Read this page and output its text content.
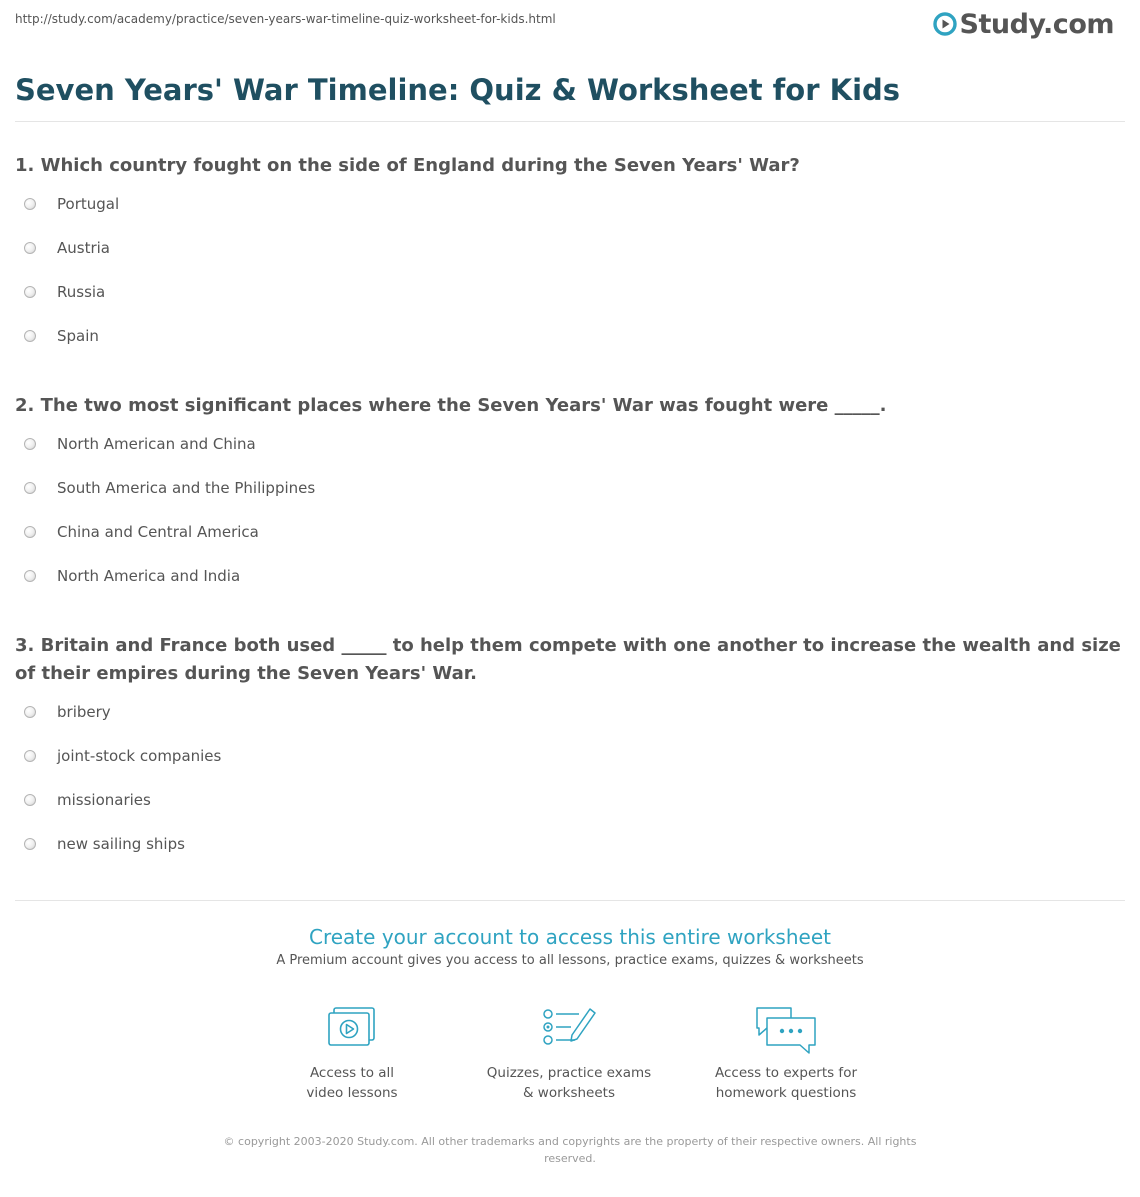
http://study.com/academy/practice/seven-years-war-timeline-quiz-worksheet-for-kids.html	Study.com
Seven Years' War Timeline: Quiz & Worksheet for Kids

1. Which country fought on the side of England during the Seven Years' War?

Portugal
Austria
Russia
Spain

2. The two most significant places where the Seven Years' War was fought were _____.

North American and China
South America and the Philippines
China and Central America
North America and India

3. Britain and France both used _____ to help them compete with one another to increase the wealth and size of their empires during the Seven Years' War.

bribery
joint-stock companies
missionaries
new sailing ships
Create your account to access this entire worksheet
A Premium account gives you access to all lessons, practice exams, quizzes & worksheets
Access to all
video lessons
Quizzes, practice exams
& worksheets
Access to experts for
homework questions
© copyright 2003-2020 Study.com. All other trademarks and copyrights are the property of their respective owners. All rights reserved.
